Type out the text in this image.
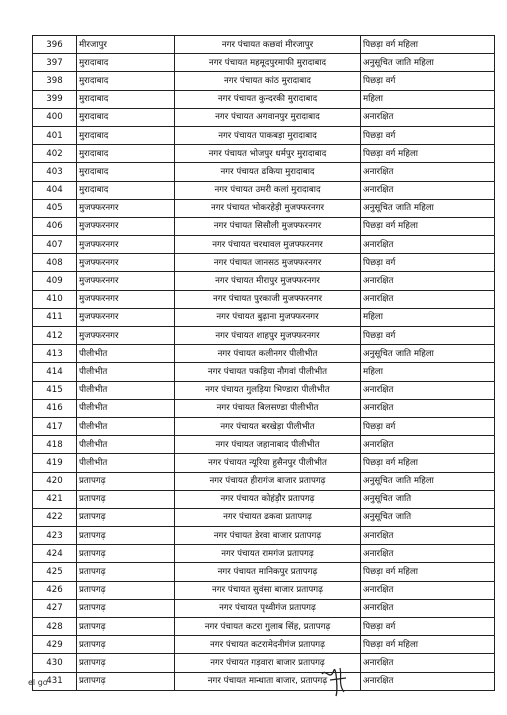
396	मीरजापुर	नगर पंचायत कछवां मीरजापुर	पिछड़ा वर्ग महिला
397	मुरादाबाद	नगर पंचायत महमूदपुरमाफी मुरादाबाद	अनुसूचित जाति महिला
398	मुरादाबाद	नगर पंचायत कांठ मुरादाबाद	पिछड़ा वर्ग
399	मुरादाबाद	नगर पंचायत कुन्दरकी मुरादाबाद	महिला
400	मुरादाबाद	नगर पंचायत अगवानपुर मुरादाबाद	अनारक्षित
401	मुरादाबाद	नगर पंचायत पाकबड़ा मुरादाबाद	पिछड़ा वर्ग
402	मुरादाबाद	नगर पंचायत भोजपुर धर्मपुर मुरादाबाद	पिछड़ा वर्ग महिला
403	मुरादाबाद	नगर पंचायत ढकिया मुरादाबाद	अनारक्षित
404	मुरादाबाद	नगर पंचायत उमरी कलां मुरादाबाद	अनारक्षित
405	मुजफ्फरनगर	नगर पंचायत भोकरहेड़ी मुजफ्फरनगर	अनुसूचित जाति महिला
406	मुजफ्फरनगर	नगर पंचायत सिसौली मुजफ्फरनगर	पिछड़ा वर्ग महिला
407	मुजफ्फरनगर	नगर पंचायत चरथावल मुजफ्फरनगर	अनारक्षित
408	मुजफ्फरनगर	नगर पंचायत जानसठ मुजफ्फरनगर	पिछड़ा वर्ग
409	मुजफ्फरनगर	नगर पंचायत मीरापुर मुजफ्फरनगर	अनारक्षित
410	मुजफ्फरनगर	नगर पंचायत पुरकाजी मुजफ्फरनगर	अनारक्षित
411	मुजफ्फरनगर	नगर पंचायत बुढ़ाना मुजफ्फरनगर	महिला
412	मुजफ्फरनगर	नगर पंचायत शाहपुर मुजफ्फरनगर	पिछड़ा वर्ग
413	पीलीभीत	नगर पंचायत कलीनगर पीलीभीत	अनुसूचित जाति महिला
414	पीलीभीत	नगर पंचायत पकड़िया नौगवां पीलीभीत	महिला
415	पीलीभीत	नगर पंचायत गुलड़िया भिण्डारा पीलीभीत	अनारक्षित
416	पीलीभीत	नगर पंचायत बिलसण्डा पीलीभीत	अनारक्षित
417	पीलीभीत	नगर पंचायत बरखेड़ा पीलीभीत	पिछड़ा वर्ग
418	पीलीभीत	नगर पंचायत जहानाबाद पीलीभीत	अनारक्षित
419	पीलीभीत	नगर पंचायत न्यूरिया हुसैनपुर पीलीभीत	पिछड़ा वर्ग महिला
420	प्रतापगढ़	नगर पंचायत हीरागंज बाजार प्रतापगढ़	अनुसूचित जाति महिला
421	प्रतापगढ़	नगर पंचायत कोहंड़ौर प्रतापगढ़	अनुसूचित जाति
422	प्रतापगढ़	नगर पंचायत ढकवा प्रतापगढ़	अनुसूचित जाति
423	प्रतापगढ़	नगर पंचायत डेरवा बाजार प्रतापगढ़	अनारक्षित
424	प्रतापगढ़	नगर पंचायत रामगंज प्रतापगढ़	अनारक्षित
425	प्रतापगढ़	नगर पंचायत मानिकपुर प्रतापगढ़	पिछड़ा वर्ग महिला
426	प्रतापगढ़	नगर पंचायत सुवंसा बाजार प्रतापगढ़	अनारक्षित
427	प्रतापगढ़	नगर पंचायत पृथ्वीगंज प्रतापगढ़	अनारक्षित
428	प्रतापगढ़	नगर पंचायत कटरा गुलाब सिंह, प्रतापगढ़	पिछड़ा वर्ग
429	प्रतापगढ़	नगर पंचायत कटरामेदनीगंज प्रतापगढ़	पिछड़ा वर्ग महिला
430	प्रतापगढ़	नगर पंचायत गड़वारा बाजार प्रतापगढ़	अनारक्षित
431	प्रतापगढ़	नगर पंचायत मान्धाता बाजार, प्रतापगढ़	अनारक्षित
el go
